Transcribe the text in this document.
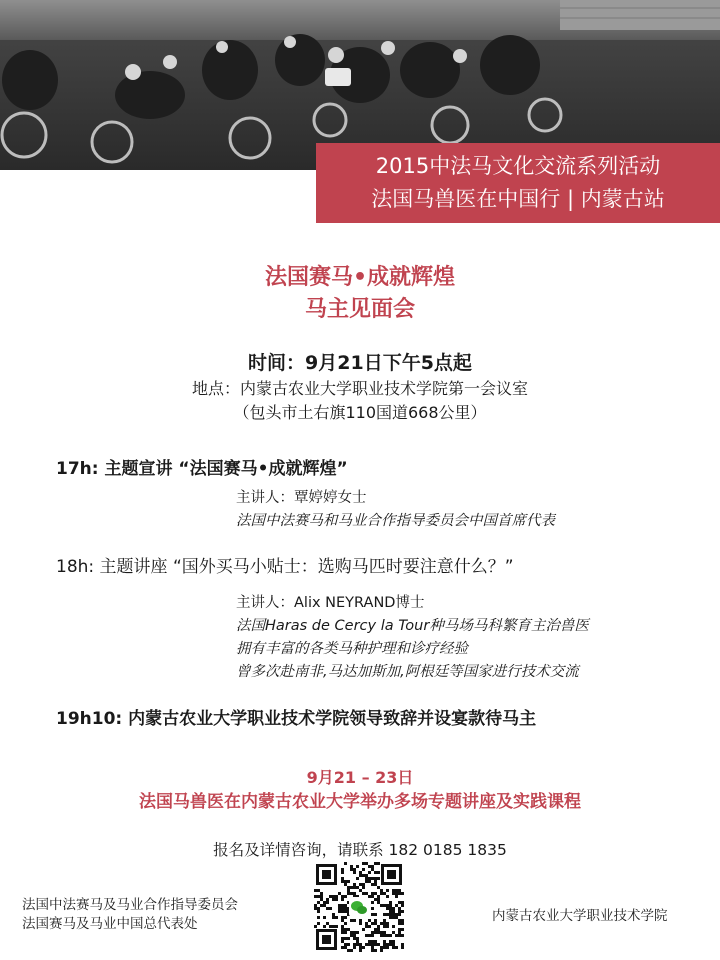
2015中法马文化交流系列活动
法国马兽医在中国行 | 内蒙古站
法国赛马•成就辉煌
马主见面会
时间：9月21日下午5点起
地点：内蒙古农业大学职业技术学院第一会议室
（包头市土右旗110国道668公里）
17h: 主题宣讲 “法国赛马•成就辉煌”
主讲人：覃婷婷女士
法国中法赛马和马业合作指导委员会中国首席代表
18h: 主题讲座 “国外买马小贴士：选购马匹时要注意什么？”
主讲人：Alix NEYRAND博士
法国Haras de Cercy la Tour种马场马科繁育主治兽医
拥有丰富的各类马种护理和诊疗经验
曾多次赴南非,马达加斯加,阿根廷等国家进行技术交流
19h10: 内蒙古农业大学职业技术学院领导致辞并设宴款待马主
9月21 – 23日
法国马兽医在内蒙古农业大学举办多场专题讲座及实践课程
报名及详情咨询，请联系 182 0185 1835
法国中法赛马及马业合作指导委员会
法国赛马及马业中国总代表处	内蒙古农业大学职业技术学院
